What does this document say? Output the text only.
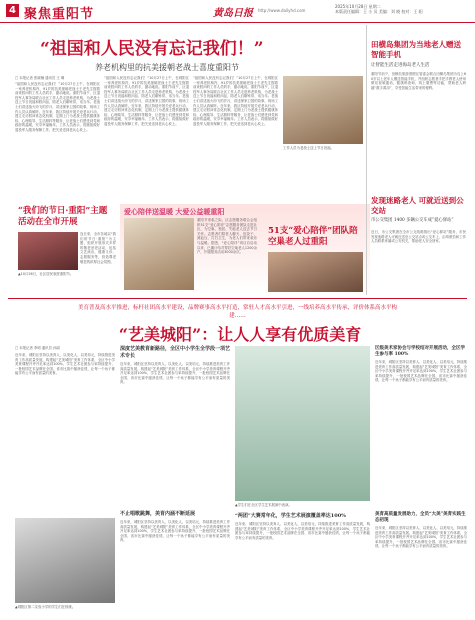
4 聚焦重阳节	黄岛日报 http://www.dailyhd.com
2025年10月28日 星期二
本版责任编辑：王 小 贝 美编：刘 晓 校对：王 阳
“祖国和人民没有忘记我们！”
养老机构里的抗美援朝老战士喜度重阳节
□ 本报记者 张晓楠 通讯员 王 琳
“祖国和人民没有忘记我们！”10月27日上午，在城阳区一家养老机构内，91岁的抗美援朝老战士王老先生握着前来慰问的工作人员的手，激动地说。重阳节前夕，区退役军人事务局联合社区工作人员走进养老机构，为老战士送上节日祝福和慰问品，陪老人们聊家常、话当年。老战士们讲述战火纷飞的岁月，讲述保家卫国的故事，现场工作人员认真倾听。近年来，我区持续开展关爱老兵行动，建立走访慰问常态化机制，定期上门为老战士提供健康体检、心理疏导、生活照料等服务，让老战士们感受到党和政府的温暖，安享幸福晚年。工作人员表示，将继续做好退役军人服务保障工作，把关爱送到老兵心坎上。
“祖国和人民没有忘记我们！”10月27日上午，在城阳区一家养老机构内，91岁的抗美援朝老战士王老先生握着前来慰问的工作人员的手，激动地说。重阳节前夕，区退役军人事务局联合社区工作人员走进养老机构，为老战士送上节日祝福和慰问品，陪老人们聊家常、话当年。老战士们讲述战火纷飞的岁月，讲述保家卫国的故事，现场工作人员认真倾听。近年来，我区持续开展关爱老兵行动，建立走访慰问常态化机制，定期上门为老战士提供健康体检、心理疏导、生活照料等服务，让老战士们感受到党和政府的温暖，安享幸福晚年。工作人员表示，将继续做好退役军人服务保障工作，把关爱送到老兵心坎上。
“祖国和人民没有忘记我们！”10月27日上午，在城阳区一家养老机构内，91岁的抗美援朝老战士王老先生握着前来慰问的工作人员的手，激动地说。重阳节前夕，区退役军人事务局联合社区工作人员走进养老机构，为老战士送上节日祝福和慰问品，陪老人们聊家常、话当年。老战士们讲述战火纷飞的岁月，讲述保家卫国的故事，现场工作人员认真倾听。近年来，我区持续开展关爱老兵行动，建立走访慰问常态化机制，定期上门为老战士提供健康体检、心理疏导、生活照料等服务，让老战士们感受到党和政府的温暖，安享幸福晚年。工作人员表示，将继续做好退役军人服务保障工作，把关爱送到老兵心坎上。
工作人员为老战士送上节日祝福。
“我们的节日·重阳”主题活动在全市开展
▲10月26日，社区居民欢度重阳节。
连日来，全市各地以“我们的节日·重阳”为主题，组织开展形式多样的敬老爱老活动，包括文艺演出、健康义诊、志愿服务等，营造尊老敬老的浓厚社会氛围。
爱心陪伴送温暖 大爱公益暖重阳
重阳节来临之际，区志愿服务联合会组织51支“爱心陪伴”志愿服务团队走进社区，为空巢、独居、失能老人送去节日关怀。志愿者们陪老人聊天、包饺子、测血压、打扫卫生，为老人们带来欢乐与温暖。据悉，“爱心陪伴”项目自启动以来，已累计结对帮扶空巢老人1200余户，开展服务活动3000余次。
51支“爱心陪伴”团队陪空巢老人过重阳
田横岛集团为当地老人赠送智能手机
让智能生活走进海岛老人生活
重阳节前夕，田横岛旅游度假区管委会联合田横岛集团为岛上60岁以上老年人赠送智能手机，并组织志愿者手把手教老人使用微信视频通话、健康码查询、线上缴费等功能，帮助老人跨越“数字鸿沟”，享受智能生活带来的便利。
发现迷路老人 可就近送到公交站
市公交集团 1400 多辆公交车成“爱心驿站”
近日，市公交集团在全市公交线路推出“爱心驿站”服务，市民发现迷路老人可就近送至公交站点或公交车上，由驾驶员和工作人员联系家属或公安机关，帮助老人安全回家。
美育普及高水平推进，标杆社团高水平建设，品牌赛事高水平打造，常驻人才高水平引进，一线培养高水平传承，评价体系高水平构建……
“艺美城阳”：让人人享有优质美育
□ 本报记者 李明 通讯员 孙丽
近年来，城阳区坚持以美育人、以美化人、以美培元，持续推进美育工作高质量发展，构建起“艺美城阳”美育工作体系，全区中小学美育课程开齐开足率达到100%，学生艺术社团参与率持续提升，一批校园艺术品牌在全国、省市比赛中屡获佳绩，让每一个孩子都能享有公平而有质量的美育。
▲城阳区第二实验小学的学生们在排练。
深度艺美教育新路径，全区中小学生全学段一项艺术专长
近年来，城阳区坚持以美育人、以美化人、以美培元，持续推进美育工作高质量发展，构建起“艺美城阳”美育工作体系，全区中小学美育课程开齐开足率达到100%，学生艺术社团参与率持续提升，一批校园艺术品牌在全国、省市比赛中屡获佳绩，让每一个孩子都能享有公平而有质量的美育。
不止唱歌跳舞，美育内涵不断延展
近年来，城阳区坚持以美育人、以美化人、以美培元，持续推进美育工作高质量发展，构建起“艺美城阳”美育工作体系，全区中小学美育课程开齐开足率达到100%，学生艺术社团参与率持续提升，一批校园艺术品牌在全国、省市比赛中屡获佳绩，让每一个孩子都能享有公平而有质量的美育。
▲学生们在全区学生艺术展演中表演。
“两团”大赛常年化，学生艺术展演覆盖率达100%
近年来，城阳区坚持以美育人、以美化人、以美培元，持续推进美育工作高质量发展，构建起“艺美城阳”美育工作体系，全区中小学美育课程开齐开足率达到100%，学生艺术社团参与率持续提升，一批校园艺术品牌在全国、省市比赛中屡获佳绩，让每一个孩子都能享有公平而有质量的美育。
区级美术家协会与学校结对开展活动，全区学生参与率 100%
近年来，城阳区坚持以美育人、以美化人、以美培元，持续推进美育工作高质量发展，构建起“艺美城阳”美育工作体系，全区中小学美育课程开齐开足率达到100%，学生艺术社团参与率持续提升，一批校园艺术品牌在全国、省市比赛中屡获佳绩，让每一个孩子都能享有公平而有质量的美育。
美育高质量发展助力，全员“大美”美育实践生态初现
近年来，城阳区坚持以美育人、以美化人、以美培元，持续推进美育工作高质量发展，构建起“艺美城阳”美育工作体系，全区中小学美育课程开齐开足率达到100%，学生艺术社团参与率持续提升，一批校园艺术品牌在全国、省市比赛中屡获佳绩，让每一个孩子都能享有公平而有质量的美育。
